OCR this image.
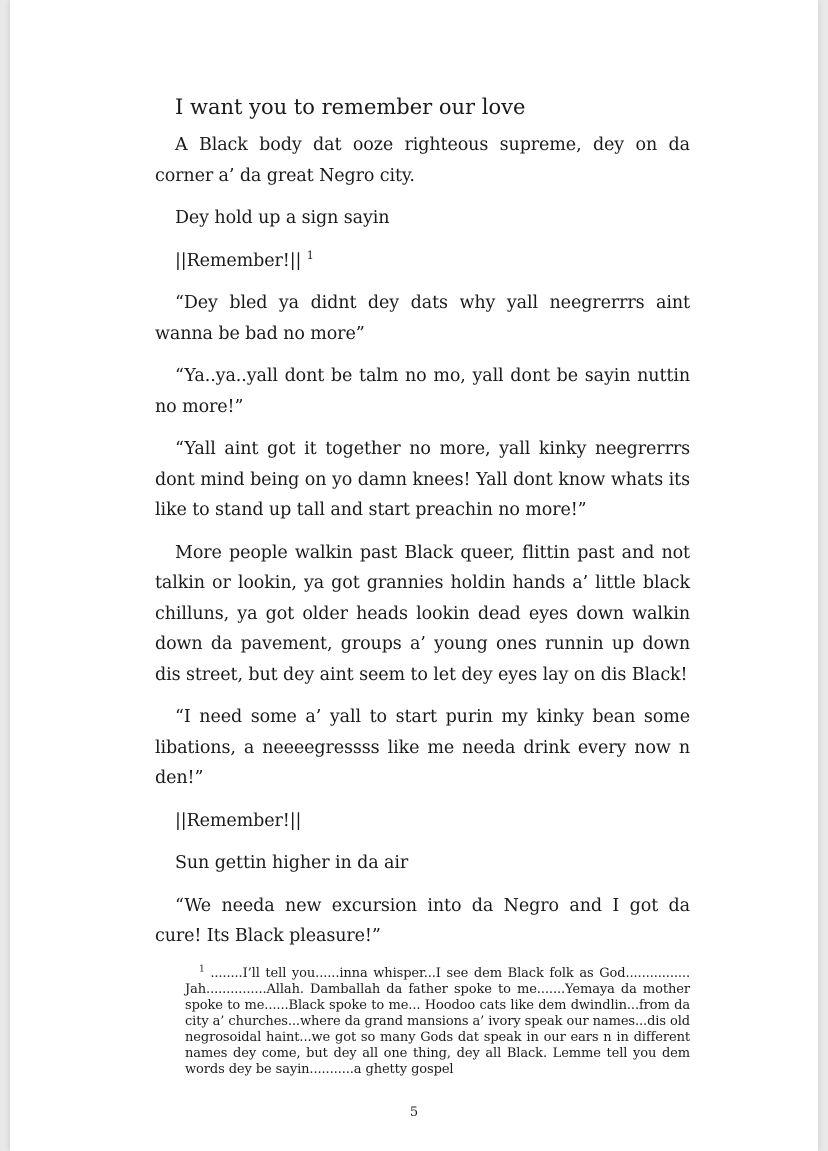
I want you to remember our love

A Black body dat ooze righteous supreme, dey on da corner a’ da great Negro city.

Dey hold up a sign sayin

||Remember!|| $^1$

“Dey bled ya didnt dey dats why yall neegrerrrs aint wanna be bad no more”

“Ya..ya..yall dont be talm no mo, yall dont be sayin nuttin no more!”

“Yall aint got it together no more, yall kinky neegrerrrs dont mind being on yo damn knees! Yall dont know whats its like to stand up tall and start preachin no more!”

More people walkin past Black queer, flittin past and not talkin or lookin, ya got grannies holdin hands a’ little black chilluns, ya got older heads lookin dead eyes down walkin down da pavement, groups a’ young ones runnin up down dis street, but dey aint seem to let dey eyes lay on dis Black!

“I need some a’ yall to start purin my kinky bean some libations, a neeeegressss like me needa drink every now n den!”

||Remember!||

Sun gettin higher in da air

“We needa new excursion into da Negro and I got da cure! Its Black pleasure!”

$^1$ ........I’ll tell you......inna whisper...I see dem Black folk as God................ Jah...............Allah. Damballah da father spoke to me.......Yemaya da mother spoke to me......Black spoke to me... Hoodoo cats like dem dwindlin...from da city a’ churches...where da grand mansions a’ ivory speak our names...dis old negrosoidal haint...we got so many Gods dat speak in our ears n in different names dey come, but dey all one thing, dey all Black. Lemme tell you dem words dey be sayin...........a ghetty gospel
5
